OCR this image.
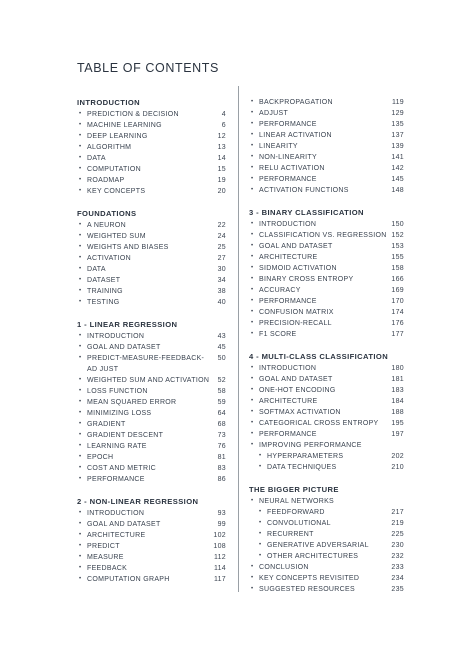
TABLE OF CONTENTS
INTRODUCTION
• PREDICTION & DECISION	4
• MACHINE LEARNING	6
• DEEP LEARNING	12
• ALGORITHM	13
• DATA	14
• COMPUTATION	15
• ROADMAP	19
• KEY CONCEPTS	20
FOUNDATIONS
• A NEURON	22
• WEIGHTED SUM	24
• WEIGHTS AND BIASES	25
• ACTIVATION	27
• DATA	30
• DATASET	34
• TRAINING	38
• TESTING	40
1 - LINEAR REGRESSION
• INTRODUCTION	43
• GOAL AND DATASET	45
• PREDICT-MEASURE-FEEDBACK-AD JUST
50
• WEIGHTED SUM AND ACTIVATION	52
• LOSS FUNCTION	58
• MEAN SQUARED ERROR	59
• MINIMIZING LOSS	64
• GRADIENT	68
• GRADIENT DESCENT	73
• LEARNING RATE	76
• EPOCH	81
• COST AND METRIC	83
• PERFORMANCE	86
2 - NON-LINEAR REGRESSION
• INTRODUCTION	93
• GOAL AND DATASET	99
• ARCHITECTURE	102
• PREDICT	108
• MEASURE	112
• FEEDBACK	114
• COMPUTATION GRAPH	117
• BACKPROPAGATION	119
• ADJUST	129
• PERFORMANCE	135
• LINEAR ACTIVATION	137
• LINEARITY	139
• NON-LINEARITY	141
• RELU ACTIVATION	142
• PERFORMANCE	145
• ACTIVATION FUNCTIONS	148
3 - BINARY CLASSIFICATION
• INTRODUCTION	150
• CLASSIFICATION VS. REGRESSION 152
• GOAL AND DATASET	153
• ARCHITECTURE	155
• SIDMOID ACTIVATION	158
• BINARY CROSS ENTROPY	166
• ACCURACY	169
• PERFORMANCE	170
• CONFUSION MATRIX	174
• PRECISION-RECALL	176
• F1 SCORE	177
4 - MULTI-CLASS CLASSIFICATION
• INTRODUCTION	180
• GOAL AND DATASET	181
• ONE-HOT ENCODING	183
• ARCHITECTURE	184
• SOFTMAX ACTIVATION	188
• CATEGORICAL CROSS ENTROPY	195
• PERFORMANCE	197
• IMPROVING PERFORMANCE
• HYPERPARAMETERS	202
• DATA TECHNIQUES	210
THE BIGGER PICTURE
• NEURAL NETWORKS
• FEEDFORWARD	217
• CONVOLUTIONAL	219
• RECURRENT	225
• GENERATIVE ADVERSARIAL	230
• OTHER ARCHITECTURES	232
• CONCLUSION	233
• KEY CONCEPTS REVISITED	234
• SUGGESTED RESOURCES	235
